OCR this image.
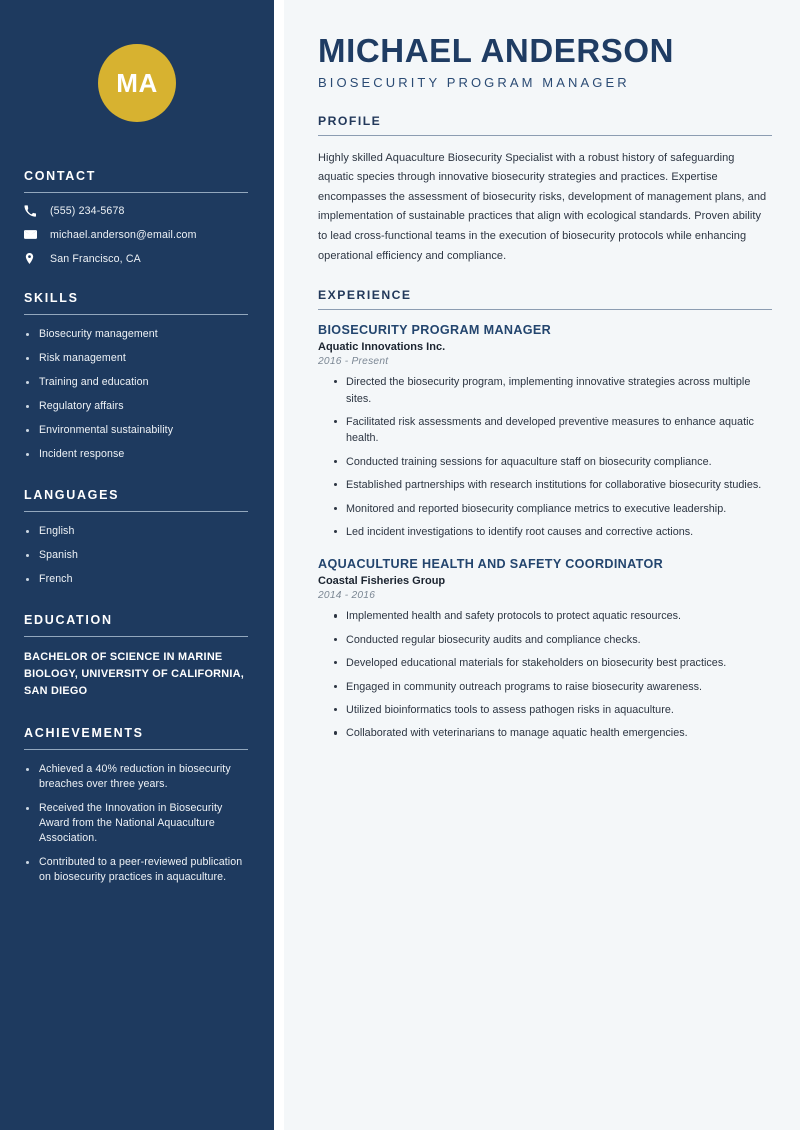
MA
CONTACT
(555) 234-5678
michael.anderson@email.com
San Francisco, CA
SKILLS
Biosecurity management
Risk management
Training and education
Regulatory affairs
Environmental sustainability
Incident response
LANGUAGES
English
Spanish
French
EDUCATION
BACHELOR OF SCIENCE IN MARINE BIOLOGY, UNIVERSITY OF CALIFORNIA, SAN DIEGO
ACHIEVEMENTS
Achieved a 40% reduction in biosecurity breaches over three years.
Received the Innovation in Biosecurity Award from the National Aquaculture Association.
Contributed to a peer-reviewed publication on biosecurity practices in aquaculture.
MICHAEL ANDERSON
BIOSECURITY PROGRAM MANAGER
PROFILE

Highly skilled Aquaculture Biosecurity Specialist with a robust history of safeguarding aquatic species through innovative biosecurity strategies and practices. Expertise encompasses the assessment of biosecurity risks, development of management plans, and implementation of sustainable practices that align with ecological standards. Proven ability to lead cross-functional teams in the execution of biosecurity protocols while enhancing operational efficiency and compliance.

EXPERIENCE
BIOSECURITY PROGRAM MANAGER
Aquatic Innovations Inc.
2016 - Present
Directed the biosecurity program, implementing innovative strategies across multiple sites.
Facilitated risk assessments and developed preventive measures to enhance aquatic health.
Conducted training sessions for aquaculture staff on biosecurity compliance.
Established partnerships with research institutions for collaborative biosecurity studies.
Monitored and reported biosecurity compliance metrics to executive leadership.
Led incident investigations to identify root causes and corrective actions.
AQUACULTURE HEALTH AND SAFETY COORDINATOR
Coastal Fisheries Group
2014 - 2016
Implemented health and safety protocols to protect aquatic resources.
Conducted regular biosecurity audits and compliance checks.
Developed educational materials for stakeholders on biosecurity best practices.
Engaged in community outreach programs to raise biosecurity awareness.
Utilized bioinformatics tools to assess pathogen risks in aquaculture.
Collaborated with veterinarians to manage aquatic health emergencies.
